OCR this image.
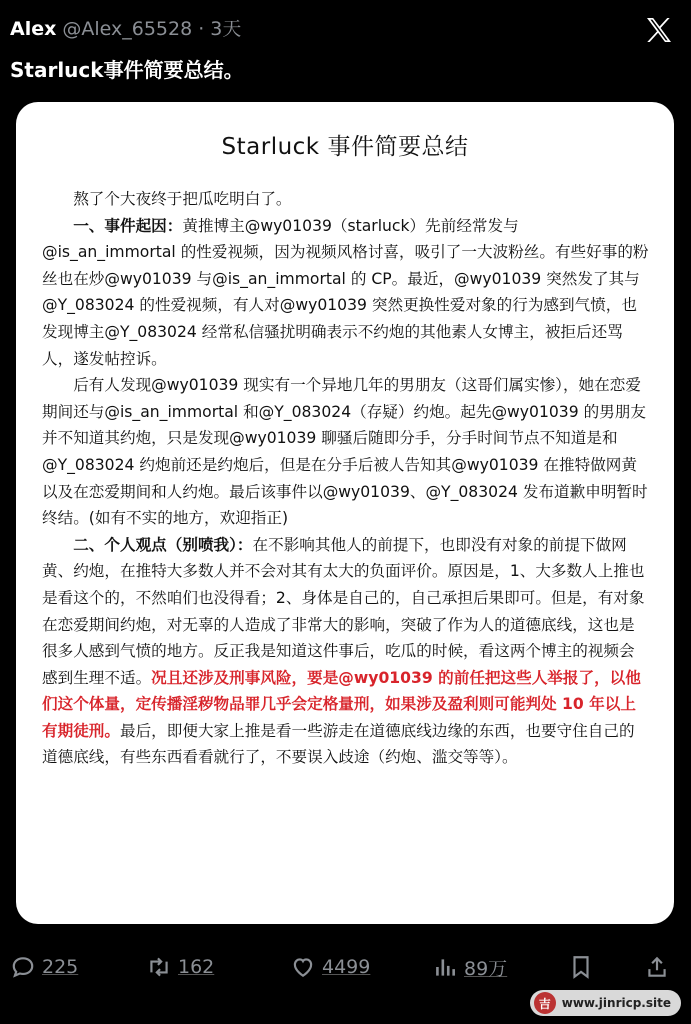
Alex @Alex_65528 · 3天
Starluck事件简要总结。
Starluck 事件简要总结

熬了个大夜终于把瓜吃明白了。

一、事件起因：黄推博主@wy01039（starluck）先前经常发与@is_an_immortal 的性爱视频，因为视频风格讨喜，吸引了一大波粉丝。有些好事的粉丝也在炒@wy01039 与@is_an_immortal 的 CP。最近，@wy01039 突然发了其与@Y_083024 的性爱视频，有人对@wy01039 突然更换性爱对象的行为感到气愤，也发现博主@Y_083024 经常私信骚扰明确表示不约炮的其他素人女博主，被拒后还骂人，遂发帖控诉。

后有人发现@wy01039 现实有一个异地几年的男朋友（这哥们属实惨），她在恋爱期间还与@is_an_immortal 和@Y_083024（存疑）约炮。起先@wy01039 的男朋友并不知道其约炮，只是发现@wy01039 聊骚后随即分手，分手时间节点不知道是和@Y_083024 约炮前还是约炮后，但是在分手后被人告知其@wy01039 在推特做网黄以及在恋爱期间和人约炮。最后该事件以@wy01039、@Y_083024 发布道歉申明暂时终结。(如有不实的地方，欢迎指正)

二、个人观点（别喷我）：在不影响其他人的前提下，也即没有对象的前提下做网黄、约炮，在推特大多数人并不会对其有太大的负面评价。原因是，1、大多数人上推也是看这个的，不然咱们也没得看；2、身体是自己的，自己承担后果即可。但是，有对象在恋爱期间约炮，对无辜的人造成了非常大的影响，突破了作为人的道德底线，这也是很多人感到气愤的地方。反正我是知道这件事后，吃瓜的时候，看这两个博主的视频会感到生理不适。况且还涉及刑事风险，要是@wy01039 的前任把这些人举报了，以他们这个体量，定传播淫秽物品罪几乎会定格量刑，如果涉及盈利则可能判处 10 年以上有期徒刑。最后，即便大家上推是看一些游走在道德底线边缘的东西，也要守住自己的道德底线，有些东西看看就行了，不要误入歧途（约炮、滥交等等）。

225	162	4499	89万
吉 www.jinricp.site
